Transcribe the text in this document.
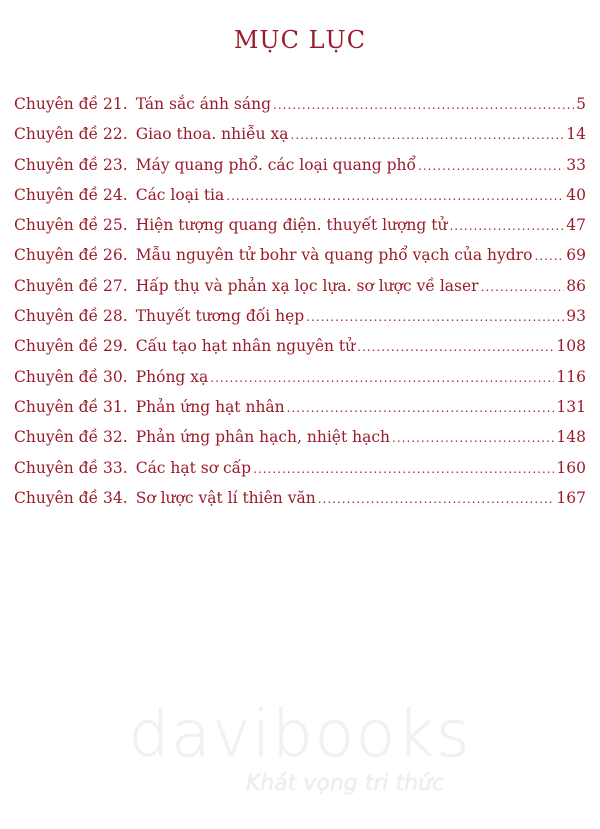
MỤC LỤC
Chuyên đề 21. Tán sắc ánh sáng .....	5
Chuyên đề 22. Giao thoa. nhiễu xạ .....	14
Chuyên đề 23. Máy quang phổ. các loại quang phổ .....	33
Chuyên đề 24. Các loại tia .....	40
Chuyên đề 25. Hiện tượng quang điện. thuyết lượng tử .....	47
Chuyên đề 26. Mẫu nguyên tử bohr và quang phổ vạch của hydro ..... 69
Chuyên đề 27. Hấp thụ và phản xạ lọc lựa. sơ lược về laser .....	86
Chuyên đề 28. Thuyết tương đối hẹp .....	93
Chuyên đề 29. Cấu tạo hạt nhân nguyên tử .....	108
Chuyên đề 30. Phóng xạ .....	116
Chuyên đề 31. Phản ứng hạt nhân .....	131
Chuyên đề 32. Phản ứng phân hạch, nhiệt hạch .....	148
Chuyên đề 33. Các hạt sơ cấp .....	160
Chuyên đề 34. Sơ lược vật lí thiên văn .....	167
davibooks
Khát vọng tri thức
